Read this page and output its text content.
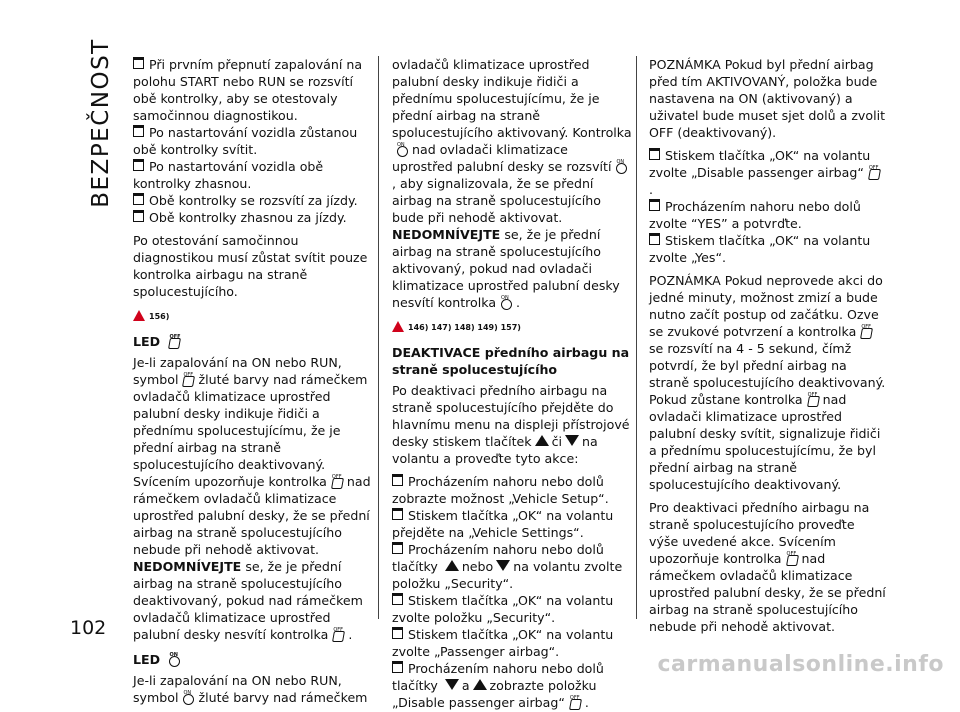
BEZPEČNOST
102

Při prvním přepnutí zapalování na polohu START nebo RUN se rozsvítí obě kontrolky, aby se otestovaly samočinnou diagnostikou.

Po nastartování vozidla zůstanou obě kontrolky svítit.

Po nastartování vozidla obě kontrolky zhasnou.

Obě kontrolky se rozsvítí za jízdy.

Obě kontrolky zhasnou za jízdy.

Po otestování samočinnou diagnostikou musí zůstat svítit pouze kontrolka airbagu na straně spolucestujícího.

156)
LED OFF

Je-li zapalování na ON nebo RUN, symbol OFF žluté barvy nad rámečkem ovladačů klimatizace uprostřed palubní desky indikuje řidiči a přednímu spolucestujícímu, že je přední airbag na straně spolucestujícího deaktivovaný. Svícením upozorňuje kontrolka OFF nad rámečkem ovladačů klimatizace uprostřed palubní desky, že se přední airbag na straně spolucestujícího nebude při nehodě aktivovat. NEDOMNÍVEJTE se, že je přední airbag na straně spolucestujícího deaktivovaný, pokud nad rámečkem ovladačů klimatizace uprostřed palubní desky nesvítí kontrolka OFF .

LED ON

Je-li zapalování na ON nebo RUN, symbol ON žluté barvy nad rámečkem

ovladačů klimatizace uprostřed palubní desky indikuje řidiči a přednímu spolucestujícímu, že je přední airbag na straně spolucestujícího aktivovaný. Kontrolka
ON nad ovladači klimatizace uprostřed palubní desky se rozsvítí ON
, aby signalizovala, že se přední airbag na straně spolucestujícího bude při nehodě aktivovat. NEDOMNÍVEJTE se, že je přední airbag na straně spolucestujícího aktivovaný, pokud nad ovladači klimatizace uprostřed palubní desky nesvítí kontrolka ON .

146) 147) 148) 149) 157)
DEAKTIVACE předního airbagu na straně spolucestujícího

Po deaktivaci předního airbagu na straně spolucestujícího přejděte do hlavnímu menu na displeji přístrojové desky stiskem tlačítek či na volantu a proveďte tyto akce:

Procházením nahoru nebo dolů zobrazte možnost „Vehicle Setup“.

Stiskem tlačítka „OK“ na volantu přejděte na „Vehicle Settings“.

Procházením nahoru nebo dolů tlačítky nebo na volantu zvolte položku „Security“.

Stiskem tlačítka „OK“ na volantu zvolte položku „Security“.

Stiskem tlačítka „OK“ na volantu zvolte „Passenger airbag“.

Procházením nahoru nebo dolů tlačítky a zobrazte položku „Disable passenger airbag“ OFF .

POZNÁMKA Pokud byl přední airbag před tím AKTIVOVANÝ, položka bude nastavena na ON (aktivovaný) a uživatel bude muset sjet dolů a zvolit OFF (deaktivovaný).

Stiskem tlačítka „OK“ na volantu zvolte „Disable passenger airbag“ OFF
.

Procházením nahoru nebo dolů zvolte “YES” a potvrďte.

Stiskem tlačítka „OK“ na volantu zvolte „Yes“.

POZNÁMKA Pokud neprovede akci do jedné minuty, možnost zmizí a bude nutno začít postup od začátku. Ozve se zvukové potvrzení a kontrolka OFF
se rozsvítí na 4 - 5 sekund, čímž potvrdí, že byl přední airbag na straně spolucestujícího deaktivovaný. Pokud zůstane kontrolka OFF nad ovladači klimatizace uprostřed palubní desky svítit, signalizuje řidiči a přednímu spolucestujícímu, že byl přední airbag na straně spolucestujícího deaktivovaný.

Pro deaktivaci předního airbagu na straně spolucestujícího proveďte výše uvedené akce. Svícením upozorňuje kontrolka OFF nad rámečkem ovladačů klimatizace uprostřed palubní desky, že se přední airbag na straně spolucestujícího nebude při nehodě aktivovat.

carmanualsonline.info
